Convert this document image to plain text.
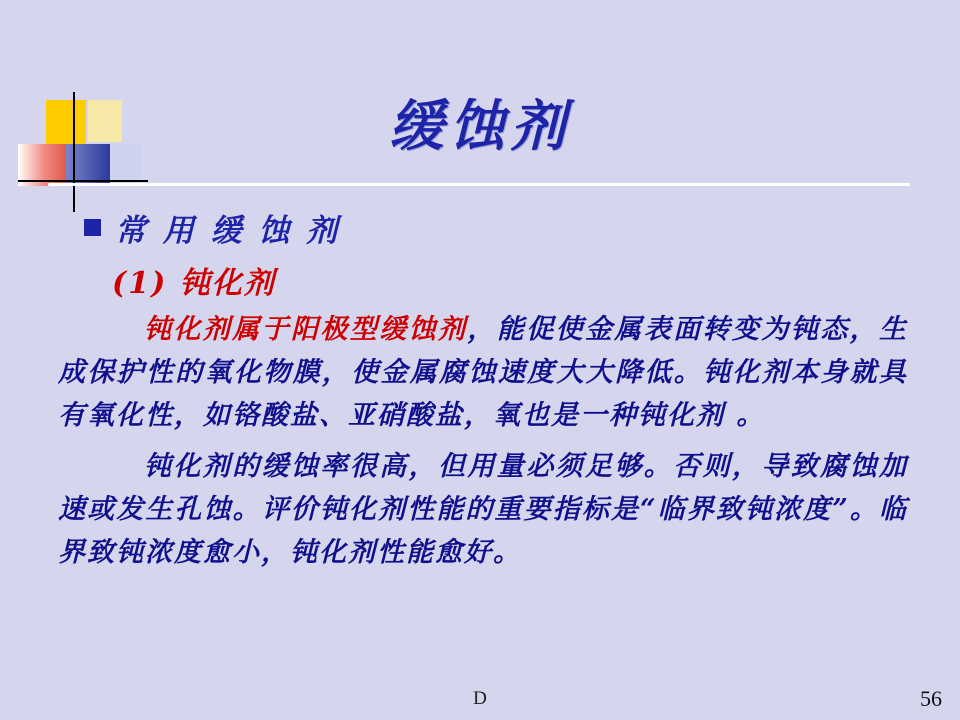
缓蚀剂
常 用 缓 蚀 剂
(1) 钝化剂
钝化剂属于阳极型缓蚀剂，能促使金属表面转变为钝态，生成保护性的氧化物膜，使金属腐蚀速度大大降低。钝化剂本身就具有氧化性，如铬酸盐、亚硝酸盐，氧也是一种钝化剂 。
钝化剂的缓蚀率很高，但用量必须足够。否则，导致腐蚀加速或发生孔蚀。评价钝化剂性能的重要指标是“临界致钝浓度”。临界致钝浓度愈小，钝化剂性能愈好。
D	56
